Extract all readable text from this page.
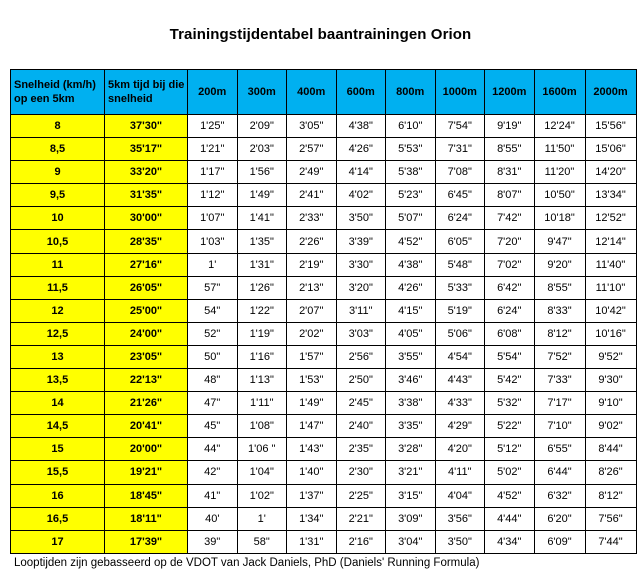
Trainingstijdentabel baantrainingen Orion
Snelheid (km/h) op een 5km	5km tijd bij die snelheid	200m	300m	400m	600m	800m	1000m	1200m	1600m	2000m
8	37'30"	1'25"	2'09"	3'05"	4'38"	6'10"	7'54"	9'19"	12'24"	15'56"
8,5	35'17"	1'21"	2'03"	2'57"	4'26"	5'53"	7'31"	8'55"	11'50"	15'06"
9	33'20"	1'17"	1'56"	2'49"	4'14"	5'38"	7'08"	8'31"	11'20"	14'20"
9,5	31'35"	1'12"	1'49"	2'41"	4'02"	5'23"	6'45"	8'07"	10'50"	13'34"
10	30'00"	1'07"	1'41"	2'33"	3'50"	5'07"	6'24"	7'42"	10'18"	12'52"
10,5	28'35"	1'03"	1'35"	2'26"	3'39"	4'52"	6'05"	7'20"	9'47"	12'14"
11	27'16"	1'	1'31"	2'19"	3'30"	4'38"	5'48"	7'02"	9'20"	11'40"
11,5	26'05"	57"	1'26"	2'13"	3'20"	4'26"	5'33"	6'42"	8'55"	11'10"
12	25'00"	54"	1'22"	2'07"	3'11"	4'15"	5'19"	6'24"	8'33"	10'42"
12,5	24'00"	52"	1'19"	2'02"	3'03"	4'05"	5'06"	6'08"	8'12"	10'16"
13	23'05"	50"	1'16"	1'57"	2'56"	3'55"	4'54"	5'54"	7'52"	9'52"
13,5	22'13"	48"	1'13"	1'53"	2'50"	3'46"	4'43"	5'42"	7'33"	9'30"
14	21'26"	47"	1'11"	1'49"	2'45"	3'38"	4'33"	5'32"	7'17"	9'10"
14,5	20'41"	45"	1'08"	1'47"	2'40"	3'35"	4'29"	5'22"	7'10"	9'02"
15	20'00"	44"	1'06 "	1'43"	2'35"	3'28"	4'20"	5'12"	6'55"	8'44"
15,5	19'21"	42"	1'04"	1'40"	2'30"	3'21"	4'11"	5'02"	6'44"	8'26"
16	18'45"	41"	1'02"	1'37"	2'25"	3'15"	4'04"	4'52"	6'32"	8'12"
16,5	18'11"	40'	1'	1'34"	2'21"	3'09"	3'56"	4'44"	6'20"	7'56"
17	17'39"	39"	58"	1'31"	2'16"	3'04"	3'50"	4'34"	6'09"	7'44"
Looptijden zijn gebasseerd op de VDOT van Jack Daniels, PhD (Daniels' Running Formula)
